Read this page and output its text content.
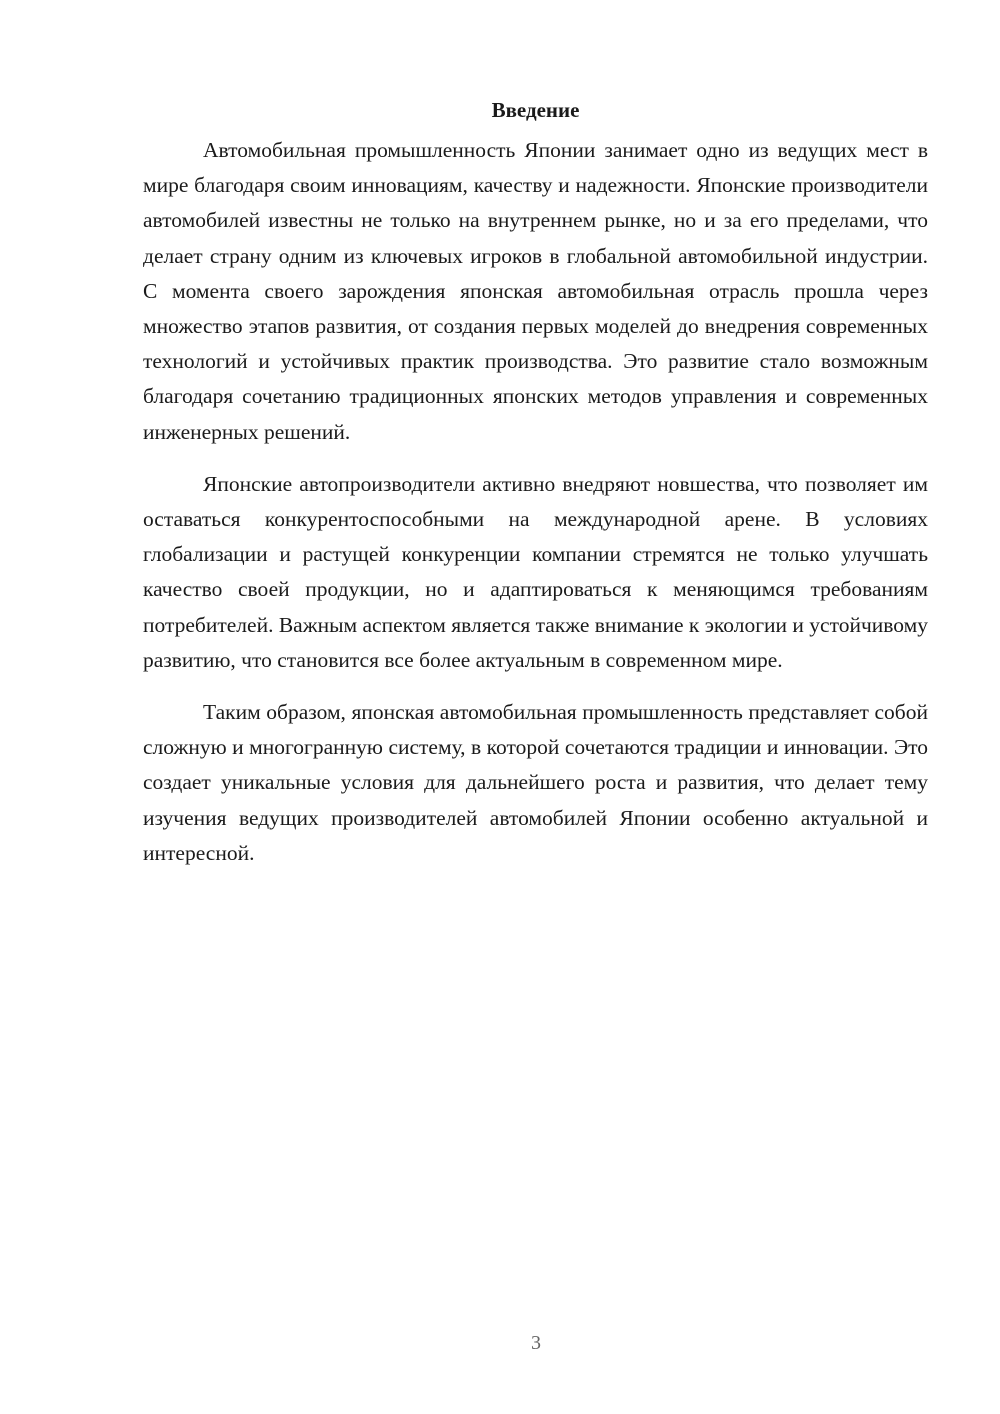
Введение

Автомобильная промышленность Японии занимает одно из ведущих мест в мире благодаря своим инновациям, качеству и надежности. Японские производители автомобилей известны не только на внутреннем рынке, но и за его пределами, что делает страну одним из ключевых игроков в глобальной автомобильной индустрии. С момента своего зарождения японская автомобильная отрасль прошла через множество этапов развития, от создания первых моделей до внедрения современных технологий и устойчивых практик производства. Это развитие стало возможным благодаря сочетанию традиционных японских методов управления и современных инженерных решений.

Японские автопроизводители активно внедряют новшества, что позволяет им оставаться конкурентоспособными на международной арене. В условиях глобализации и растущей конкуренции компании стремятся не только улучшать качество своей продукции, но и адаптироваться к меняющимся требованиям потребителей. Важным аспектом является также внимание к экологии и устойчивому развитию, что становится все более актуальным в современном мире.

Таким образом, японская автомобильная промышленность представляет собой сложную и многогранную систему, в которой сочетаются традиции и инновации. Это создает уникальные условия для дальнейшего роста и развития, что делает тему изучения ведущих производителей автомобилей Японии особенно актуальной и интересной.

3
